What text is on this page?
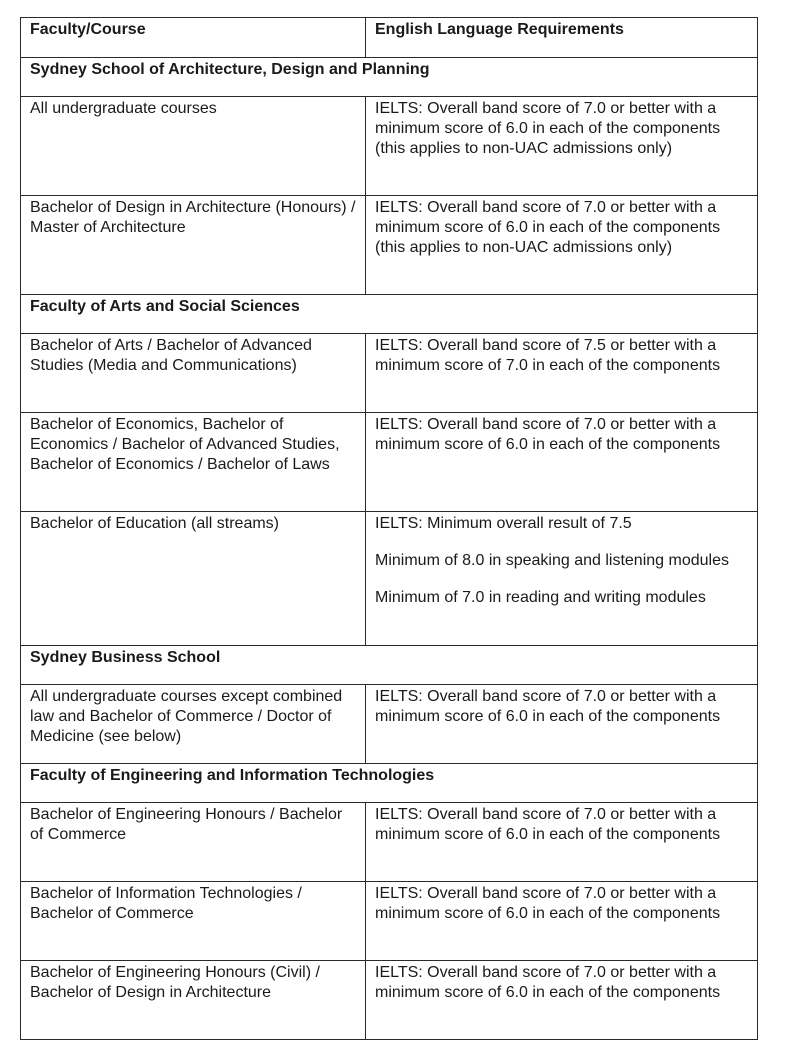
Faculty/Course	English Language Requirements
Sydney School of Architecture, Design and Planning	
All undergraduate courses	IELTS: Overall band score of 7.0 or better with a minimum score of 6.0 in each of the components (this applies to non-UAC admissions only)

Bachelor of Design in Architecture (Honours) / Master of Architecture	IELTS: Overall band score of 7.0 or better with a minimum score of 6.0 in each of the components (this applies to non-UAC admissions only)

Faculty of Arts and Social Sciences	
Bachelor of Arts / Bachelor of Advanced Studies (Media and Communications)	IELTS: Overall band score of 7.5 or better with a minimum score of 7.0 in each of the components

Bachelor of Economics, Bachelor of Economics / Bachelor of Advanced Studies, Bachelor of Economics / Bachelor of Laws	IELTS: Overall band score of 7.0 or better with a minimum score of 6.0 in each of the components

Bachelor of Education (all streams)	IELTS: Minimum overall result of 7.5

Minimum of 8.0 in speaking and listening modules

Minimum of 7.0 in reading and writing modules

Sydney Business School	
All undergraduate courses except combined law and Bachelor of Commerce / Doctor of Medicine (see below)	IELTS: Overall band score of 7.0 or better with a minimum score of 6.0 in each of the components

Faculty of Engineering and Information Technologies	
Bachelor of Engineering Honours / Bachelor of Commerce	IELTS: Overall band score of 7.0 or better with a minimum score of 6.0 in each of the components

Bachelor of Information Technologies / Bachelor of Commerce	IELTS: Overall band score of 7.0 or better with a minimum score of 6.0 in each of the components

Bachelor of Engineering Honours (Civil) / Bachelor of Design in Architecture	IELTS: Overall band score of 7.0 or better with a minimum score of 6.0 in each of the components
